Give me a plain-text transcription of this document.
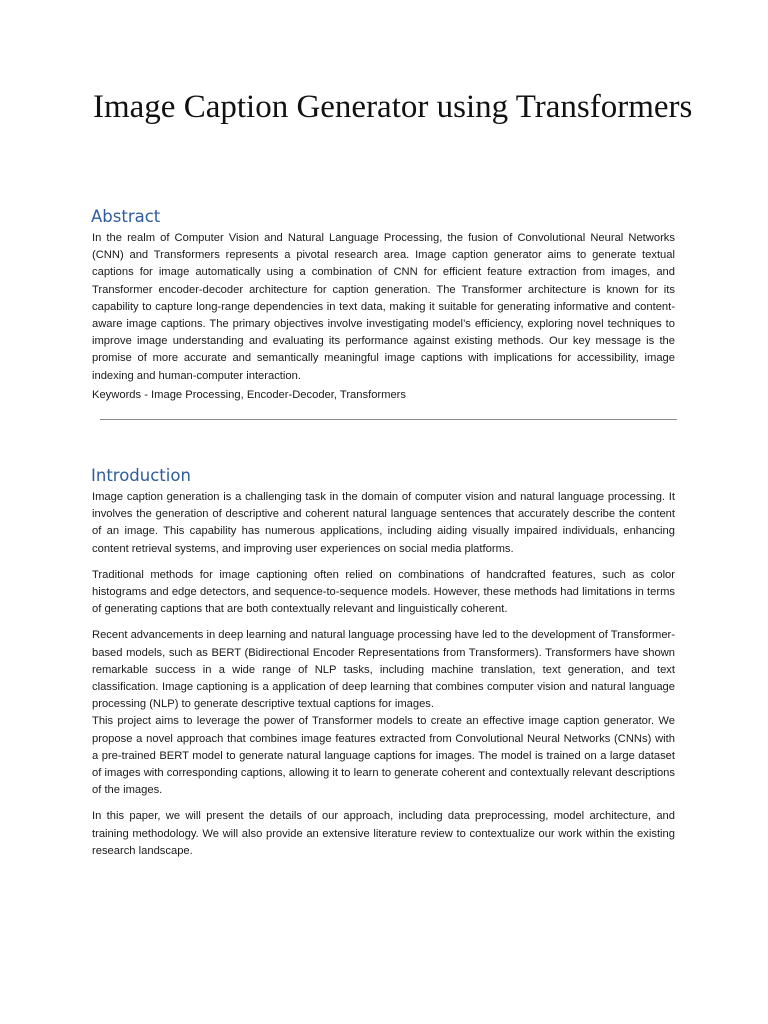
Image Caption Generator using Transformers
Abstract

In the realm of Computer Vision and Natural Language Processing, the fusion of Convolutional Neural Networks (CNN) and Transformers represents a pivotal research area. Image caption generator aims to generate textual captions for image automatically using a combination of CNN for efficient feature extraction from images, and Transformer encoder-decoder architecture for caption generation. The Transformer architecture is known for its capability to capture long-range dependencies in text data, making it suitable for generating informative and content-aware image captions. The primary objectives involve investigating model’s efficiency, exploring novel techniques to improve image understanding and evaluating its performance against existing methods. Our key message is the promise of more accurate and semantically meaningful image captions with implications for accessibility, image indexing and human-computer interaction.

Keywords - Image Processing, Encoder-Decoder, Transformers

Introduction

Image caption generation is a challenging task in the domain of computer vision and natural language processing. It involves the generation of descriptive and coherent natural language sentences that accurately describe the content of an image. This capability has numerous applications, including aiding visually impaired individuals, enhancing content retrieval systems, and improving user experiences on social media platforms.

Traditional methods for image captioning often relied on combinations of handcrafted features, such as color histograms and edge detectors, and sequence-to-sequence models. However, these methods had limitations in terms of generating captions that are both contextually relevant and linguistically coherent.

Recent advancements in deep learning and natural language processing have led to the development of Transformer-based models, such as BERT (Bidirectional Encoder Representations from Transformers). Transformers have shown remarkable success in a wide range of NLP tasks, including machine translation, text generation, and text classification. Image captioning is a application of deep learning that combines computer vision and natural language processing (NLP) to generate descriptive textual captions for images.

This project aims to leverage the power of Transformer models to create an effective image caption generator. We propose a novel approach that combines image features extracted from Convolutional Neural Networks (CNNs) with a pre-trained BERT model to generate natural language captions for images. The model is trained on a large dataset of images with corresponding captions, allowing it to learn to generate coherent and contextually relevant descriptions of the images.

In this paper, we will present the details of our approach, including data preprocessing, model architecture, and training methodology. We will also provide an extensive literature review to contextualize our work within the existing research landscape.
